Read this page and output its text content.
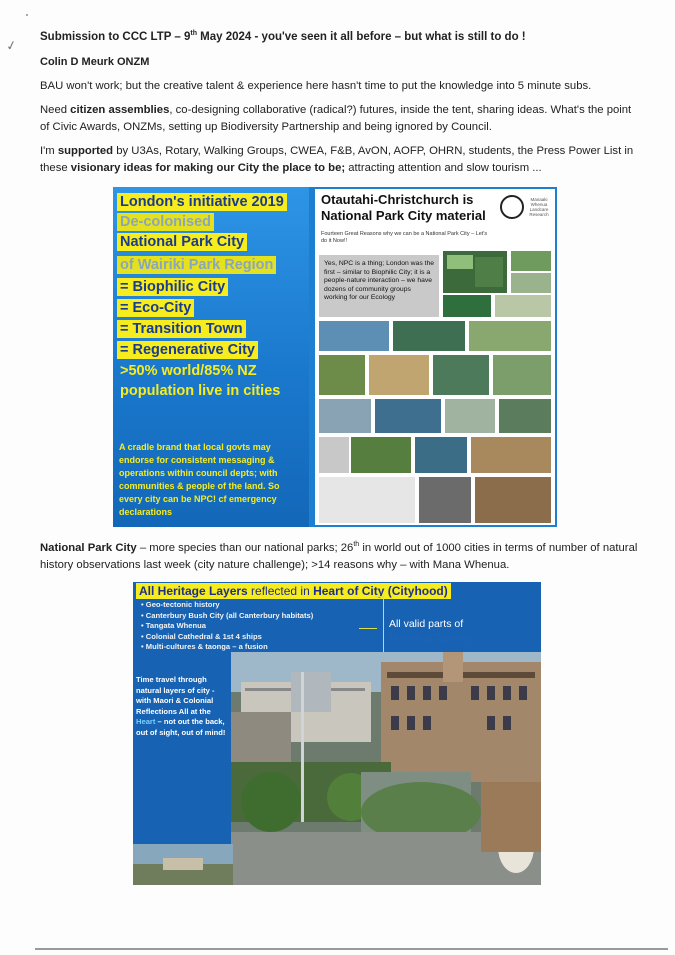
✓

Submission to CCC LTP – 9th May 2024 - you've seen it all before – but what is still to do !

Colin D Meurk ONZM

BAU won't work; but the creative talent & experience here hasn't time to put the knowledge into 5 minute subs.

Need citizen assemblies, co-designing collaborative (radical?) futures, inside the tent, sharing ideas. What's the point of Civic Awards, ONZMs, setting up Biodiversity Partnership and being ignored by Council.

I'm supported by U3As, Rotary, Walking Groups, CWEA, F&B, AvON, AOFP, OHRN, students, the Press Power List in these visionary ideas for making our City the place to be; attracting attention and slow tourism ...

London's initiative 2019
De-colonised
National Park City
of Wairiki Park Region
= Biophilic City
= Eco-City
= Transition Town
= Regenerative City
>50% world/85% NZ
population live in cities

A cradle brand that local govts may endorse for consistent messaging & operations within council depts; with communities & people of the land. So every city can be NPC! cf emergency declarations

Otautahi-Christchurch is National Park City material

Fourteen Great Reasons why we can be a National Park City – Let's do it Now!!

Manaaki Whenua Landcare Research

Yes, NPC is a thing; London was the first – similar to Biophilic City; it is a people-nature interaction – we have dozens of community groups working for our Ecology

National Park City – more species than our national parks; 26th in world out of 1000 cities in terms of number of natural history observations last week (city nature challenge); >14 reasons why – with Mana Whenua.

All Heritage Layers reflected in Heart of City (Cityhood)
• Geo-tectonic history
• Canterbury Bush City (all Canterbury habitats)
• Tangata Whenua
• Colonial Cathedral & 1st 4 ships
• Multi-cultures & taonga – a fusion

All valid parts of

Historical Tapestry

Time travel through natural layers of city - with Maori & Colonial Reflections All at the Heart – not out the back, out of sight, out of mind!
